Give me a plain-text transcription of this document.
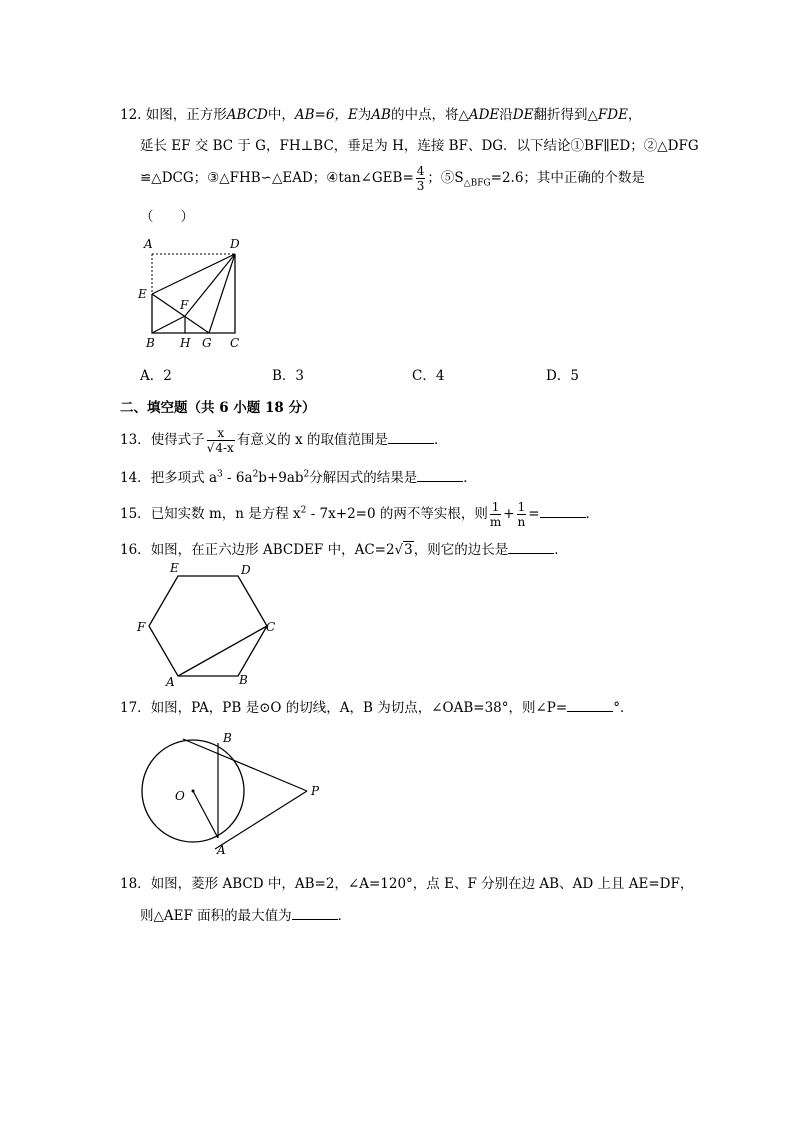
12. 如图，正方形ABCD中，AB=6，E为AB的中点，将△ADE沿DE翻折得到△FDE，
延长 EF 交 BC 于 G，FH⊥BC，垂足为 H，连接 BF、DG．以下结论①BF∥ED；②△DFG
≌△DCG；③△FHB∽△EAD；④tan∠GEB= $\frac{4}{3}$ ；$⑤S_{\triangle BFG}=2.6$；其中正确的个数是
（　　）
A	D
E
F
B H G C
A．2	B．3	C．4	D．5
二、填空题（共 6 小题 18 分）
13．使得式子 $\frac{x}{√4-x}$ 有意义的 x 的取值范围是	．
14．把多项式 $a^3 - 6a^2b+9ab^2$分解因式的结果是	．
15．已知实数 m，n 是方程 $x^2 - 7x+2=0$ 的两不等实根，则 $\frac{1}{m} + \frac{1}{n}$ =	．
16．如图，在正六边形 ABCDEF 中，AC=2√3，则它的边长是	．
E	D
F	C
A	B
17．如图，PA，PB 是⊙O 的切线，A，B 为切点，∠OAB=38°，则∠P=	°．
B
O	P
A
18．如图，菱形 ABCD 中，AB=2，∠A=120°，点 E、F 分别在边 AB、AD 上且 AE=DF，
则△AEF 面积的最大值为	．
